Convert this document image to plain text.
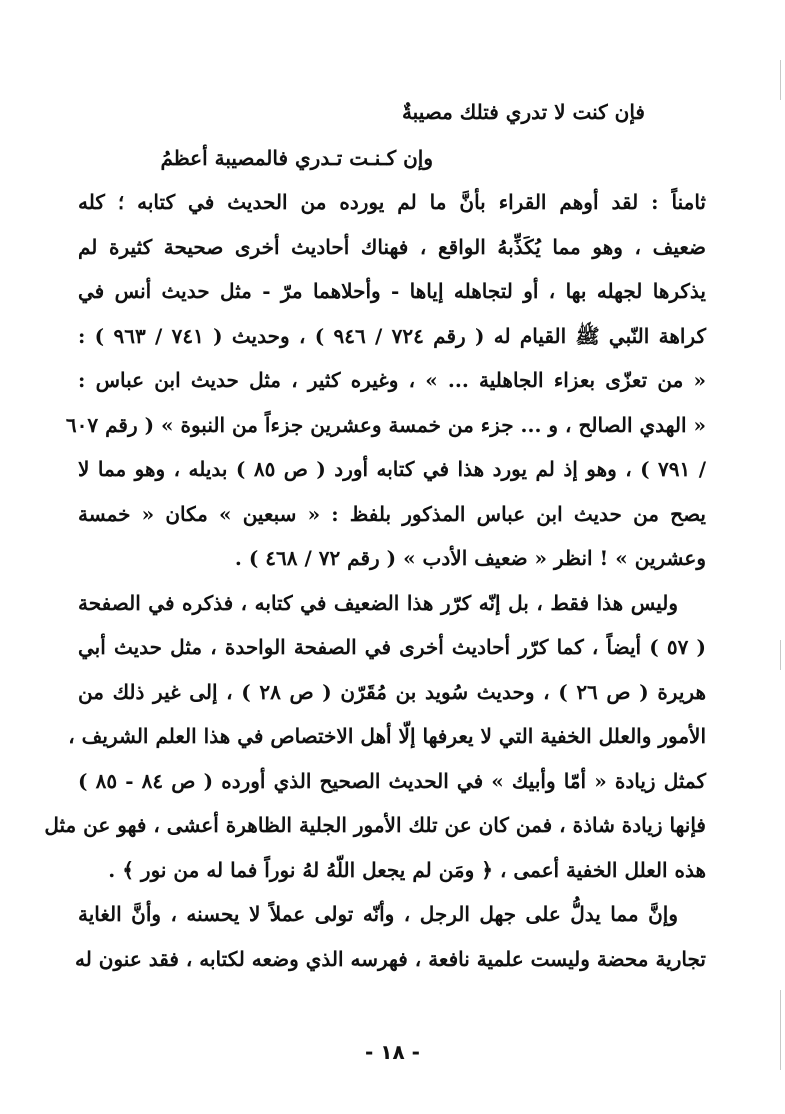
فإن كنت لا تدري فتلك مصيبةٌ
وإن كـنـت تـدري فالمصيبة أعظمُ
ثامناً : لقد أوهم القراء بأنَّ ما لم يورده من الحديث في كتابه ؛ كله
ضعيف ، وهو مما يُكَذِّبهُ الواقع ، فهناك أحاديث أخرى صحيحة كثيرة لم
يذكرها لجهله بها ، أو لتجاهله إياها - وأحلاهما مرّ - مثل حديث أنس في
كراهة النّبي ﷺ القيام له ( رقم ٧٢٤ / ٩٤٦ ) ، وحديث ( ٧٤١ / ٩٦٣ ) :
« من تعزّى بعزاء الجاهلية ... » ، وغيره كثير ، مثل حديث ابن عباس :
« الهدي الصالح ، و ... جزء من خمسة وعشرين جزءاً من النبوة » ( رقم ٦٠٧
/ ٧٩١ ) ، وهو إذ لم يورد هذا في كتابه أورد ( ص ٨٥ ) بديله ، وهو مما لا
يصح من حديث ابن عباس المذكور بلفظ : « سبعين » مكان « خمسة
وعشرين » ! انظر « ضعيف الأدب » ( رقم ٧٢ / ٤٦٨ ) .
وليس هذا فقط ، بل إنّه كرّر هذا الضعيف في كتابه ، فذكره في الصفحة
( ٥٧ ) أيضاً ، كما كرّر أحاديث أخرى في الصفحة الواحدة ، مثل حديث أبي
هريرة ( ص ٢٦ ) ، وحديث سُويد بن مُقَرّن ( ص ٢٨ ) ، إلى غير ذلك من
الأمور والعلل الخفية التي لا يعرفها إلّا أهل الاختصاص في هذا العلم الشريف ،
كمثل زيادة « أمّا وأبيك » في الحديث الصحيح الذي أورده ( ص ٨٤ - ٨٥ )
فإنها زيادة شاذة ، فمن كان عن تلك الأمور الجلية الظاهرة أعشى ، فهو عن مثل
هذه العلل الخفية أعمى ، ﴿ ومَن لم يجعل اللّهُ لهُ نوراً فما له من نور ﴾ .
وإنَّ مما يدلُّ على جهل الرجل ، وأنّه تولى عملاً لا يحسنه ، وأنَّ الغاية
تجارية محضة وليست علمية نافعة ، فهرسه الذي وضعه لكتابه ، فقد عنون له
- ١٨ -
